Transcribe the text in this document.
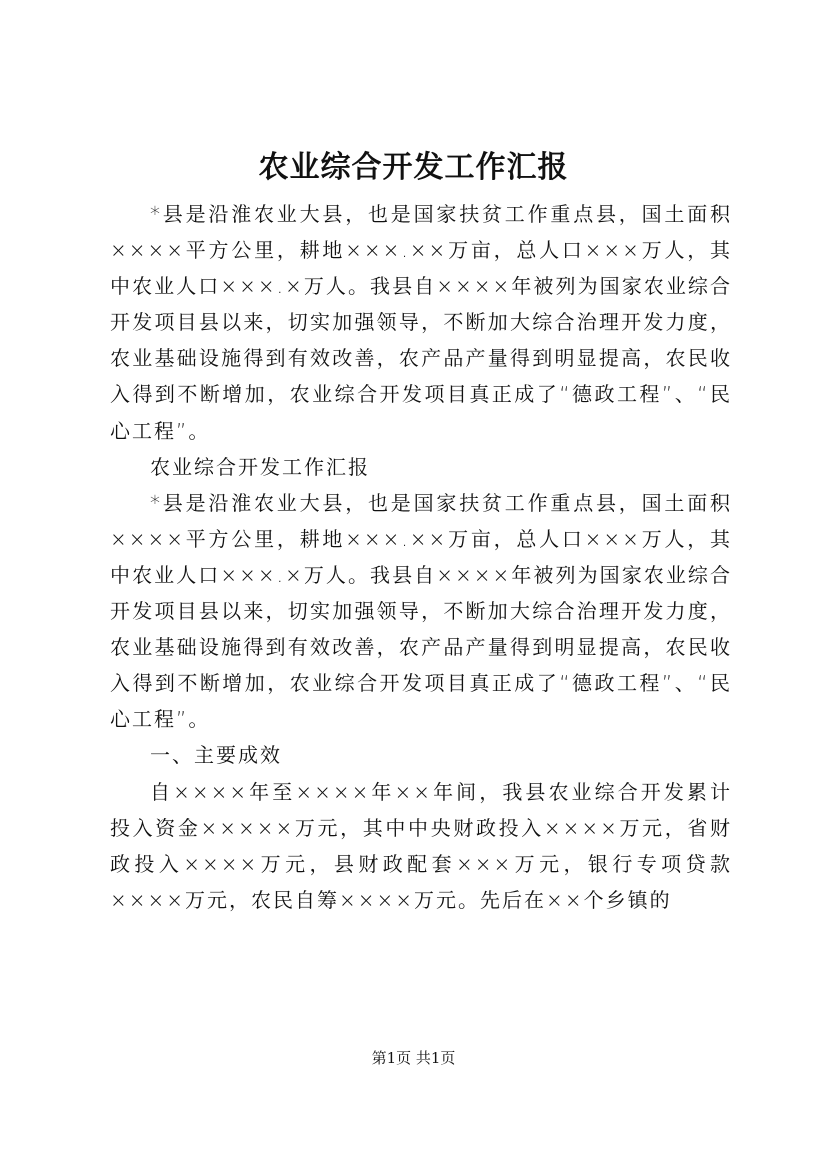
农业综合开发工作汇报

*县是沿淮农业大县，也是国家扶贫工作重点县，国土面积××××平方公里，耕地×××.××万亩，总人口×××万人，其中农业人口×××.×万人。我县自××××年被列为国家农业综合开发项目县以来，切实加强领导，不断加大综合治理开发力度，农业基础设施得到有效改善，农产品产量得到明显提高，农民收入得到不断增加，农业综合开发项目真正成了“德政工程”、“民心工程”。

农业综合开发工作汇报

*县是沿淮农业大县，也是国家扶贫工作重点县，国土面积××××平方公里，耕地×××.××万亩，总人口×××万人，其中农业人口×××.×万人。我县自××××年被列为国家农业综合开发项目县以来，切实加强领导，不断加大综合治理开发力度，农业基础设施得到有效改善，农产品产量得到明显提高，农民收入得到不断增加，农业综合开发项目真正成了“德政工程”、“民心工程”。

一、主要成效

自××××年至××××年××年间，我县农业综合开发累计投入资金×××××万元，其中中央财政投入××××万元，省财政投入××××万元，县财政配套×××万元，银行专项贷款××××万元，农民自筹××××万元。先后在××个乡镇的

第1页 共1页
